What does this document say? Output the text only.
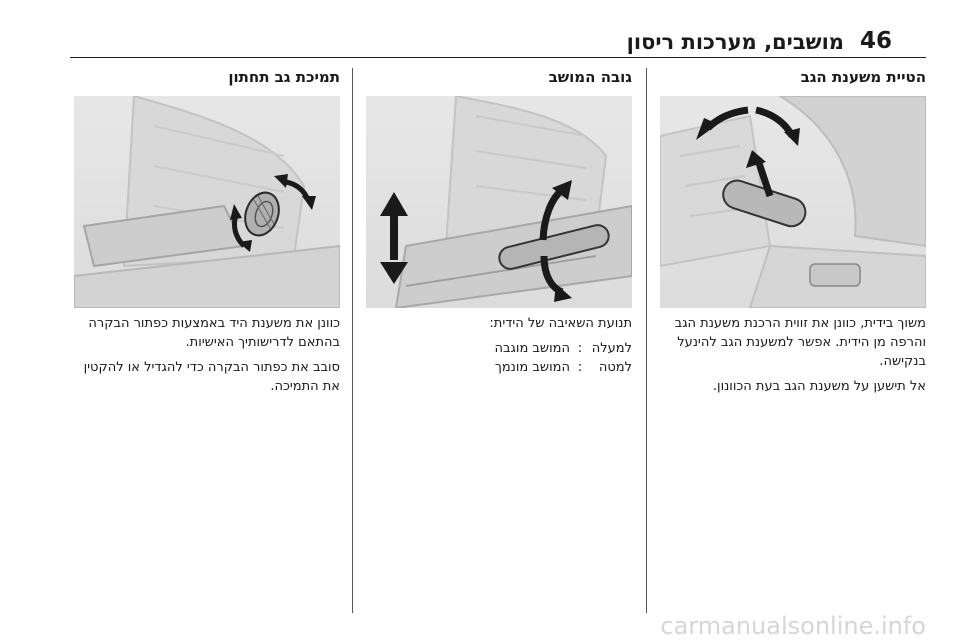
46
מושבים, מערכות ריסון
הטיית משענת הגב

משוך בידית, כוונן את זווית הרכנת משענת הגב והרפה מן הידית. אפשר למשענת הגב להינעל בנקישה.

אל תישען על משענת הגב בעת הכוונון.

גובה המושב

תנועת השאיבה של הידית:

למעלה
:
המושב מוגבה
למטה
:
המושב מונמך
תמיכת גב תחתון

כוונן את משענת היד באמצעות כפתור הבקרה בהתאם לדרישותיך האישיות.

סובב את כפתור הבקרה כדי להגדיל או להקטין את התמיכה.

carmanualsonline.info
